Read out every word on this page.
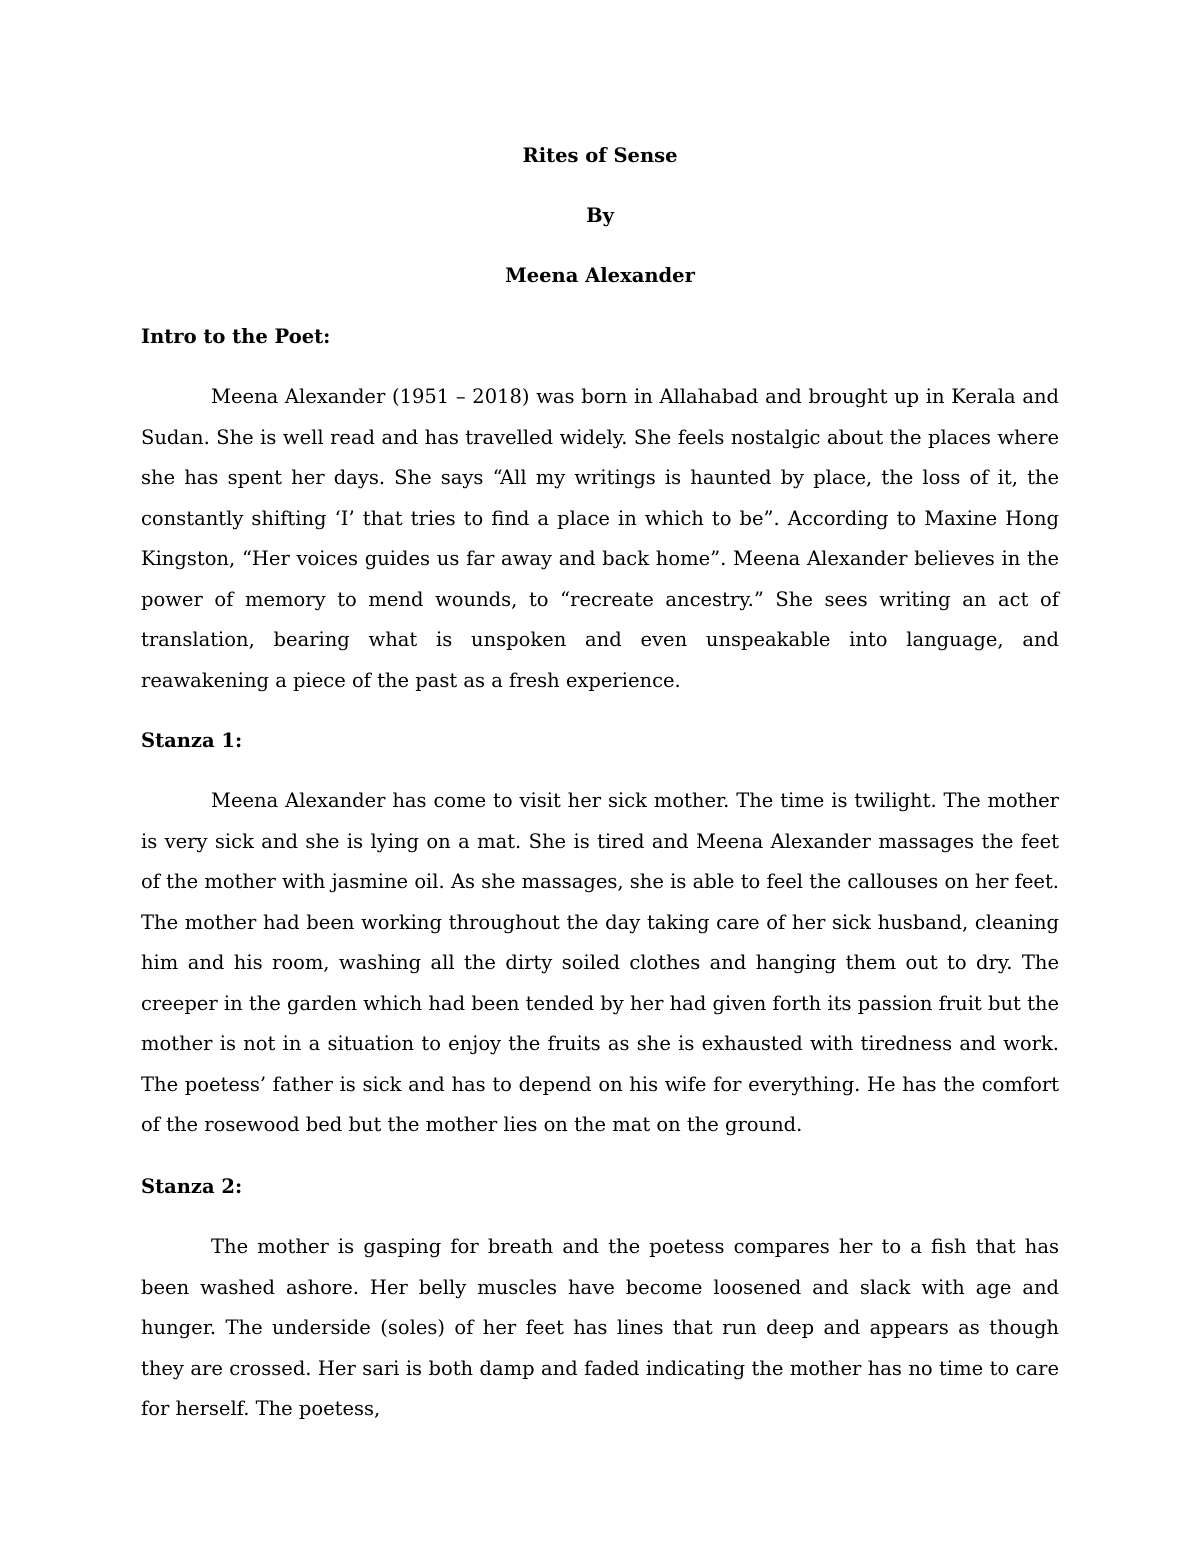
Rites of Sense
By
Meena Alexander
Intro to the Poet:

Meena Alexander (1951 – 2018) was born in Allahabad and brought up in Kerala and Sudan. She is well read and has travelled widely. She feels nostalgic about the places where she has spent her days. She says “All my writings is haunted by place, the loss of it, the constantly shifting ‘I’ that tries to find a place in which to be”. According to Maxine Hong Kingston, “Her voices guides us far away and back home”. Meena Alexander believes in the power of memory to mend wounds, to “recreate ancestry.” She sees writing an act of translation, bearing what is unspoken and even unspeakable into language, and reawakening a piece of the past as a fresh experience.

Stanza 1:

Meena Alexander has come to visit her sick mother. The time is twilight. The mother is very sick and she is lying on a mat. She is tired and Meena Alexander massages the feet of the mother with jasmine oil. As she massages, she is able to feel the callouses on her feet. The mother had been working throughout the day taking care of her sick husband, cleaning him and his room, washing all the dirty soiled clothes and hanging them out to dry. The creeper in the garden which had been tended by her had given forth its passion fruit but the mother is not in a situation to enjoy the fruits as she is exhausted with tiredness and work. The poetess’ father is sick and has to depend on his wife for everything. He has the comfort of the rosewood bed but the mother lies on the mat on the ground.

Stanza 2:

The mother is gasping for breath and the poetess compares her to a fish that has been washed ashore. Her belly muscles have become loosened and slack with age and hunger. The underside (soles) of her feet has lines that run deep and appears as though they are crossed. Her sari is both damp and faded indicating the mother has no time to care for herself. The poetess,
